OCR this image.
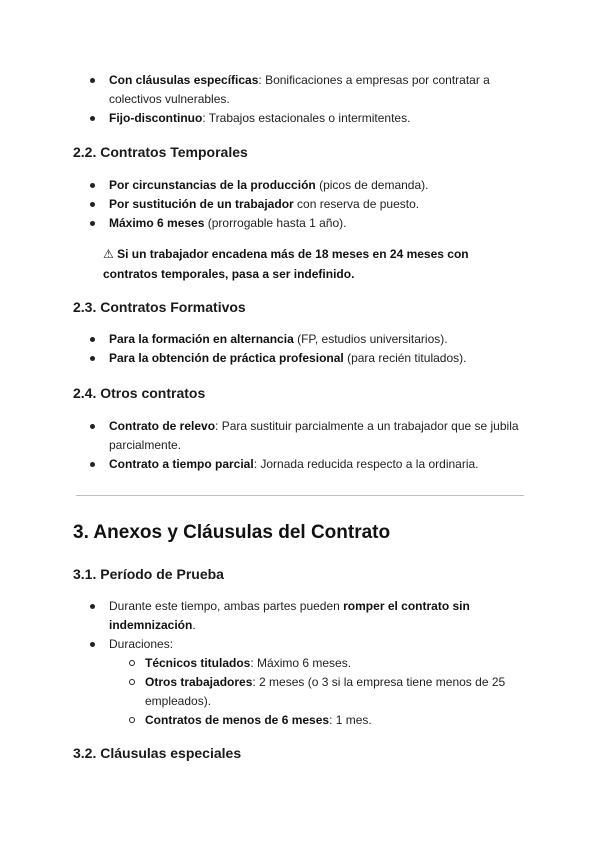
Con cláusulas específicas: Bonificaciones a empresas por contratar a colectivos vulnerables.
Fijo-discontinuo: Trabajos estacionales o intermitentes.
2.2. Contratos Temporales
Por circunstancias de la producción (picos de demanda).
Por sustitución de un trabajador con reserva de puesto.
Máximo 6 meses (prorrogable hasta 1 año).
⚠ Si un trabajador encadena más de 18 meses en 24 meses con contratos temporales, pasa a ser indefinido.
2.3. Contratos Formativos
Para la formación en alternancia (FP, estudios universitarios).
Para la obtención de práctica profesional (para recién titulados).
2.4. Otros contratos
Contrato de relevo: Para sustituir parcialmente a un trabajador que se jubila parcialmente.
Contrato a tiempo parcial: Jornada reducida respecto a la ordinaria.
3. Anexos y Cláusulas del Contrato
3.1. Período de Prueba
Durante este tiempo, ambas partes pueden romper el contrato sin indemnización.
Duraciones:
Técnicos titulados: Máximo 6 meses.
Otros trabajadores: 2 meses (o 3 si la empresa tiene menos de 25 empleados).
Contratos de menos de 6 meses: 1 mes.
3.2. Cláusulas especiales
